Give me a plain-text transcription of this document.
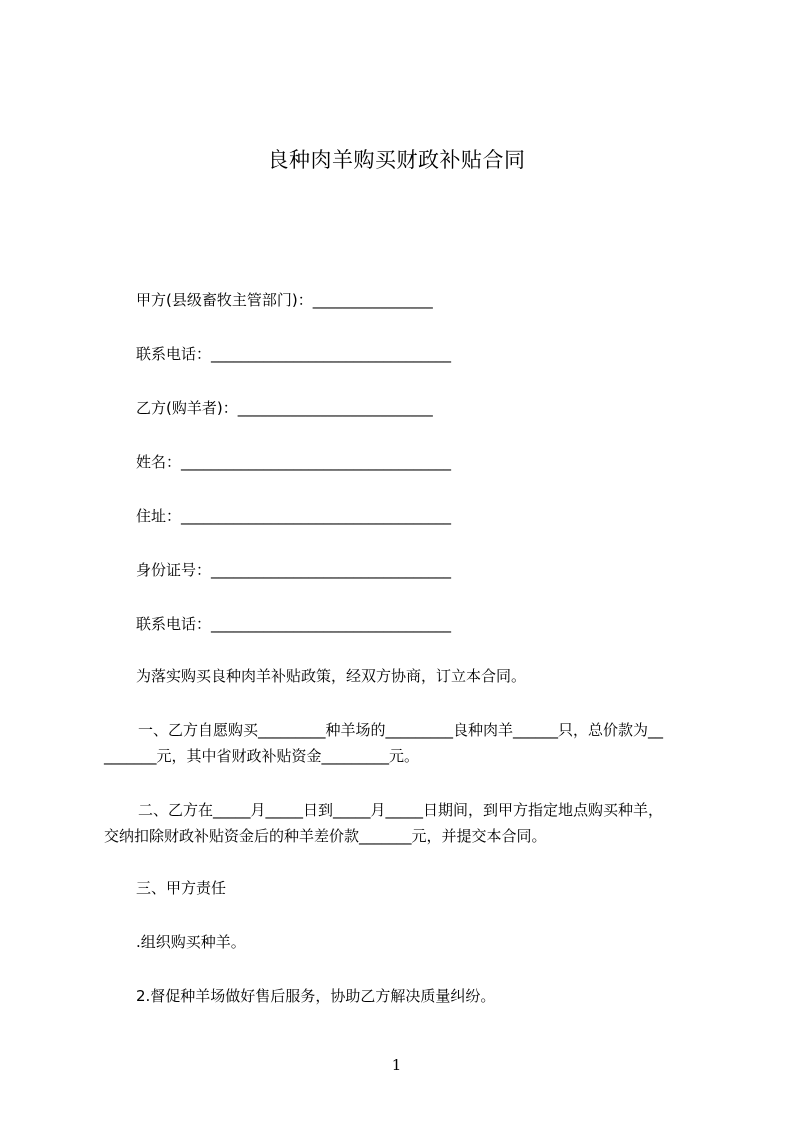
良种肉羊购买财政补贴合同
甲方(县级畜牧主管部门)：________________
联系电话：________________________________
乙方(购羊者)：__________________________
姓名：____________________________________
住址：____________________________________
身份证号：________________________________
联系电话：________________________________
为落实购买良种肉羊补贴政策，经双方协商，订立本合同。
一、乙方自愿购买_________种羊场的_________良种肉羊______只，总价款为__
_______元，其中省财政补贴资金_________元。
二、乙方在_____月_____日到_____月_____日期间，到甲方指定地点购买种羊，
交纳扣除财政补贴资金后的种羊差价款_______元，并提交本合同。
三、甲方责任
.组织购买种羊。
2.督促种羊场做好售后服务，协助乙方解决质量纠纷。
1
